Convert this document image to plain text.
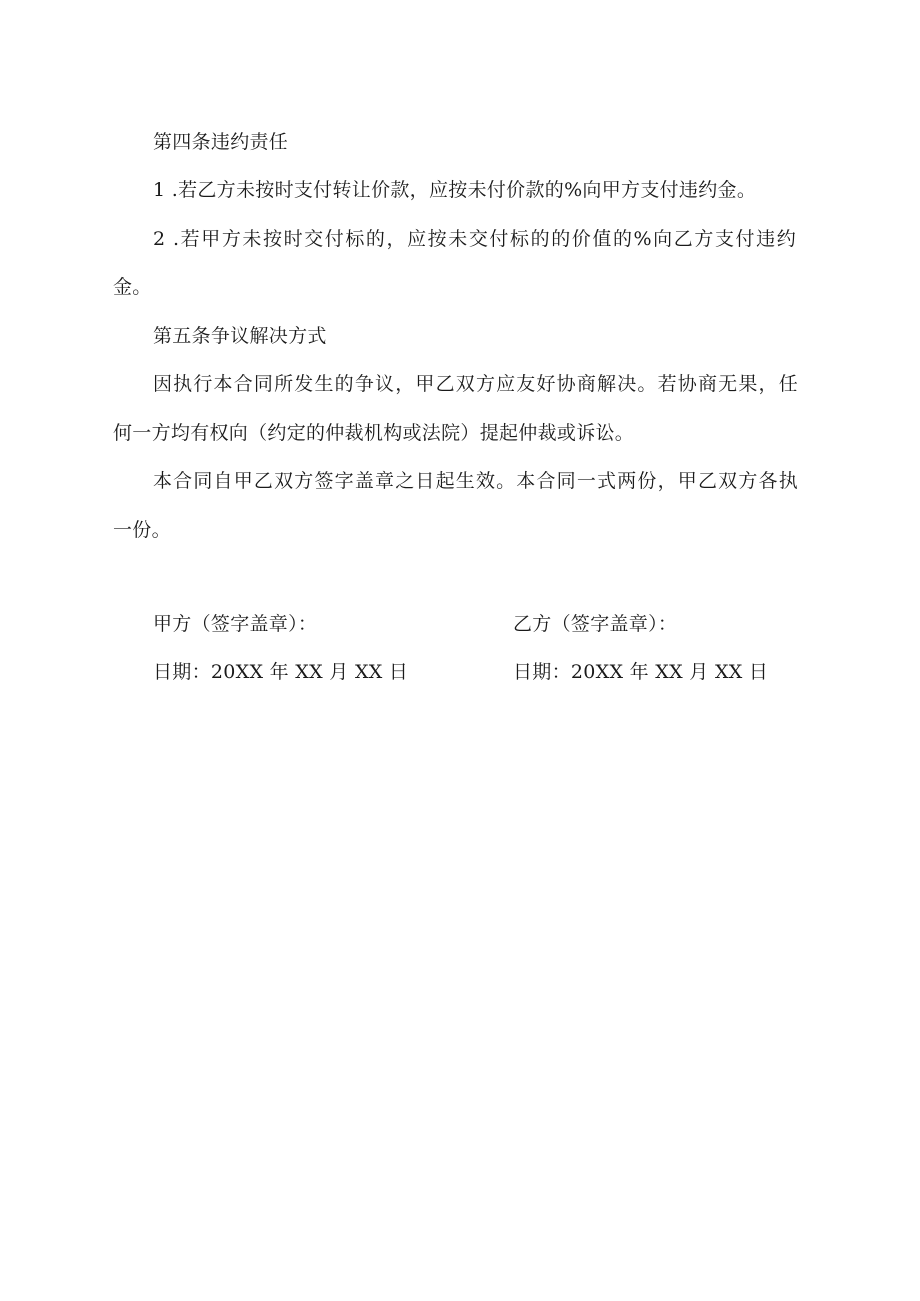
第四条违约责任
1 .若乙方未按时支付转让价款，应按未付价款的%向甲方支付违约金。
2 .若甲方未按时交付标的，应按未交付标的的价值的%向乙方支付违约
金。
第五条争议解决方式
因执行本合同所发生的争议，甲乙双方应友好协商解决。若协商无果，任
何一方均有权向（约定的仲裁机构或法院）提起仲裁或诉讼。
本合同自甲乙双方签字盖章之日起生效。本合同一式两份，甲乙双方各执
一份。
甲方（签字盖章）：	乙方（签字盖章）：
日期：20XX 年 XX 月 XX 日	日期：20XX 年 XX 月 XX 日
